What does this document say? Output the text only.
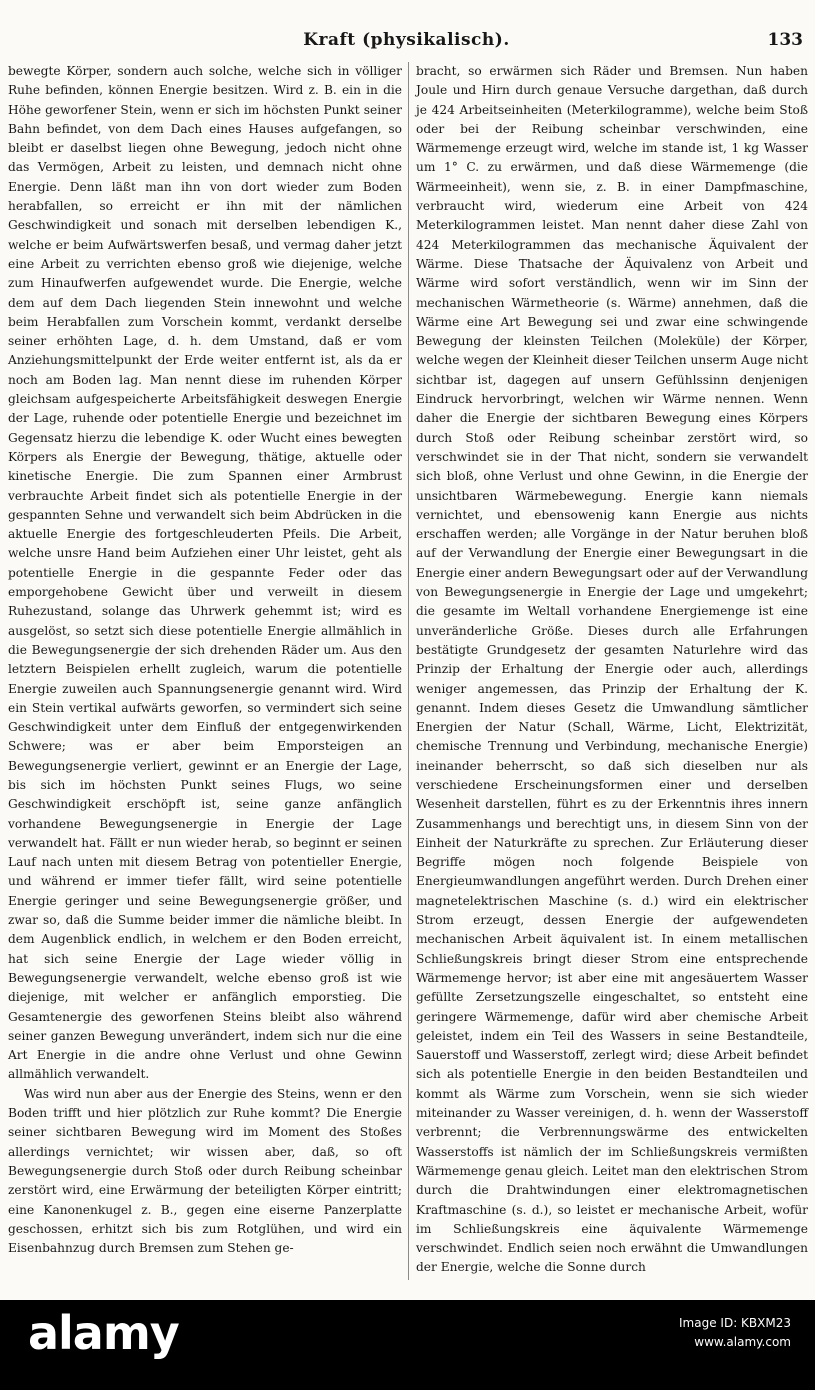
Kraft (physikalisch).	133

bewegte Körper, sondern auch solche, welche sich in völliger Ruhe befinden, können Energie besitzen. Wird z. B. ein in die Höhe geworfener Stein, wenn er sich im höchsten Punkt seiner Bahn befindet, von dem Dach eines Hauses aufgefangen, so bleibt er daselbst liegen ohne Bewegung, jedoch nicht ohne das Vermögen, Arbeit zu leisten, und demnach nicht ohne Energie. Denn läßt man ihn von dort wieder zum Boden herabfallen, so erreicht er ihn mit der nämlichen Geschwindigkeit und sonach mit derselben lebendigen K., welche er beim Aufwärtswerfen besaß, und vermag daher jetzt eine Arbeit zu verrichten ebenso groß wie diejenige, welche zum Hinaufwerfen aufgewendet wurde. Die Energie, welche dem auf dem Dach liegenden Stein innewohnt und welche beim Herabfallen zum Vorschein kommt, verdankt derselbe seiner erhöhten Lage, d. h. dem Umstand, daß er vom Anziehungsmittelpunkt der Erde weiter entfernt ist, als da er noch am Boden lag. Man nennt diese im ruhenden Körper gleichsam aufgespeicherte Arbeitsfähigkeit deswegen Energie der Lage, ruhende oder potentielle Energie und bezeichnet im Gegensatz hierzu die lebendige K. oder Wucht eines bewegten Körpers als Energie der Bewegung, thätige, aktuelle oder kinetische Energie. Die zum Spannen einer Armbrust verbrauchte Arbeit findet sich als potentielle Energie in der gespannten Sehne und verwandelt sich beim Abdrücken in die aktuelle Energie des fortgeschleuderten Pfeils. Die Arbeit, welche unsre Hand beim Aufziehen einer Uhr leistet, geht als potentielle Energie in die gespannte Feder oder das emporgehobene Gewicht über und verweilt in diesem Ruhezustand, solange das Uhrwerk gehemmt ist; wird es ausgelöst, so setzt sich diese potentielle Energie allmählich in die Bewegungsenergie der sich drehenden Räder um. Aus den letztern Beispielen erhellt zugleich, warum die potentielle Energie zuweilen auch Spannungsenergie genannt wird. Wird ein Stein vertikal aufwärts geworfen, so vermindert sich seine Geschwindigkeit unter dem Einfluß der entgegenwirkenden Schwere; was er aber beim Emporsteigen an Bewegungsenergie verliert, gewinnt er an Energie der Lage, bis sich im höchsten Punkt seines Flugs, wo seine Geschwindigkeit erschöpft ist, seine ganze anfänglich vorhandene Bewegungsenergie in Energie der Lage verwandelt hat. Fällt er nun wieder herab, so beginnt er seinen Lauf nach unten mit diesem Betrag von potentieller Energie, und während er immer tiefer fällt, wird seine potentielle Energie geringer und seine Bewegungsenergie größer, und zwar so, daß die Summe beider immer die nämliche bleibt. In dem Augenblick endlich, in welchem er den Boden erreicht, hat sich seine Energie der Lage wieder völlig in Bewegungsenergie verwandelt, welche ebenso groß ist wie diejenige, mit welcher er anfänglich emporstieg. Die Gesamtenergie des geworfenen Steins bleibt also während seiner ganzen Bewegung unverändert, indem sich nur die eine Art Energie in die andre ohne Verlust und ohne Gewinn allmählich verwandelt.

Was wird nun aber aus der Energie des Steins, wenn er den Boden trifft und hier plötzlich zur Ruhe kommt? Die Energie seiner sichtbaren Bewegung wird im Moment des Stoßes allerdings vernichtet; wir wissen aber, daß, so oft Bewegungsenergie durch Stoß oder durch Reibung scheinbar zerstört wird, eine Erwärmung der beteiligten Körper eintritt; eine Kanonenkugel z. B., gegen eine eiserne Panzerplatte geschossen, erhitzt sich bis zum Rotglühen, und wird ein Eisenbahnzug durch Bremsen zum Stehen ge-

bracht, so erwärmen sich Räder und Bremsen. Nun haben Joule und Hirn durch genaue Versuche dargethan, daß durch je 424 Arbeitseinheiten (Meterkilogramme), welche beim Stoß oder bei der Reibung scheinbar verschwinden, eine Wärmemenge erzeugt wird, welche im stande ist, 1 kg Wasser um 1° C. zu erwärmen, und daß diese Wärmemenge (die Wärmeeinheit), wenn sie, z. B. in einer Dampfmaschine, verbraucht wird, wiederum eine Arbeit von 424 Meterkilogrammen leistet. Man nennt daher diese Zahl von 424 Meterkilogrammen das mechanische Äquivalent der Wärme. Diese Thatsache der Äquivalenz von Arbeit und Wärme wird sofort verständlich, wenn wir im Sinn der mechanischen Wärmetheorie (s. Wärme) annehmen, daß die Wärme eine Art Bewegung sei und zwar eine schwingende Bewegung der kleinsten Teilchen (Moleküle) der Körper, welche wegen der Kleinheit dieser Teilchen unserm Auge nicht sichtbar ist, dagegen auf unsern Gefühlssinn denjenigen Eindruck hervorbringt, welchen wir Wärme nennen. Wenn daher die Energie der sichtbaren Bewegung eines Körpers durch Stoß oder Reibung scheinbar zerstört wird, so verschwindet sie in der That nicht, sondern sie verwandelt sich bloß, ohne Verlust und ohne Gewinn, in die Energie der unsichtbaren Wärmebewegung. Energie kann niemals vernichtet, und ebensowenig kann Energie aus nichts erschaffen werden; alle Vorgänge in der Natur beruhen bloß auf der Verwandlung der Energie einer Bewegungsart in die Energie einer andern Bewegungsart oder auf der Verwandlung von Bewegungsenergie in Energie der Lage und umgekehrt; die gesamte im Weltall vorhandene Energiemenge ist eine unveränderliche Größe. Dieses durch alle Erfahrungen bestätigte Grundgesetz der gesamten Naturlehre wird das Prinzip der Erhaltung der Energie oder auch, allerdings weniger angemessen, das Prinzip der Erhaltung der K. genannt. Indem dieses Gesetz die Umwandlung sämtlicher Energien der Natur (Schall, Wärme, Licht, Elektrizität, chemische Trennung und Verbindung, mechanische Energie) ineinander beherrscht, so daß sich dieselben nur als verschiedene Erscheinungsformen einer und derselben Wesenheit darstellen, führt es zu der Erkenntnis ihres innern Zusammenhangs und berechtigt uns, in diesem Sinn von der Einheit der Naturkräfte zu sprechen. Zur Erläuterung dieser Begriffe mögen noch folgende Beispiele von Energieumwandlungen angeführt werden. Durch Drehen einer magnetelektrischen Maschine (s. d.) wird ein elektrischer Strom erzeugt, dessen Energie der aufgewendeten mechanischen Arbeit äquivalent ist. In einem metallischen Schließungskreis bringt dieser Strom eine entsprechende Wärmemenge hervor; ist aber eine mit angesäuertem Wasser gefüllte Zersetzungszelle eingeschaltet, so entsteht eine geringere Wärmemenge, dafür wird aber chemische Arbeit geleistet, indem ein Teil des Wassers in seine Bestandteile, Sauerstoff und Wasserstoff, zerlegt wird; diese Arbeit befindet sich als potentielle Energie in den beiden Bestandteilen und kommt als Wärme zum Vorschein, wenn sie sich wieder miteinander zu Wasser vereinigen, d. h. wenn der Wasserstoff verbrennt; die Verbrennungswärme des entwickelten Wasserstoffs ist nämlich der im Schließungskreis vermißten Wärmemenge genau gleich. Leitet man den elektrischen Strom durch die Drahtwindungen einer elektromagnetischen Kraftmaschine (s. d.), so leistet er mechanische Arbeit, wofür im Schließungskreis eine äquivalente Wärmemenge verschwindet. Endlich seien noch erwähnt die Umwandlungen der Energie, welche die Sonne durch

alamy	Image ID: KBXM23
www.alamy.com
